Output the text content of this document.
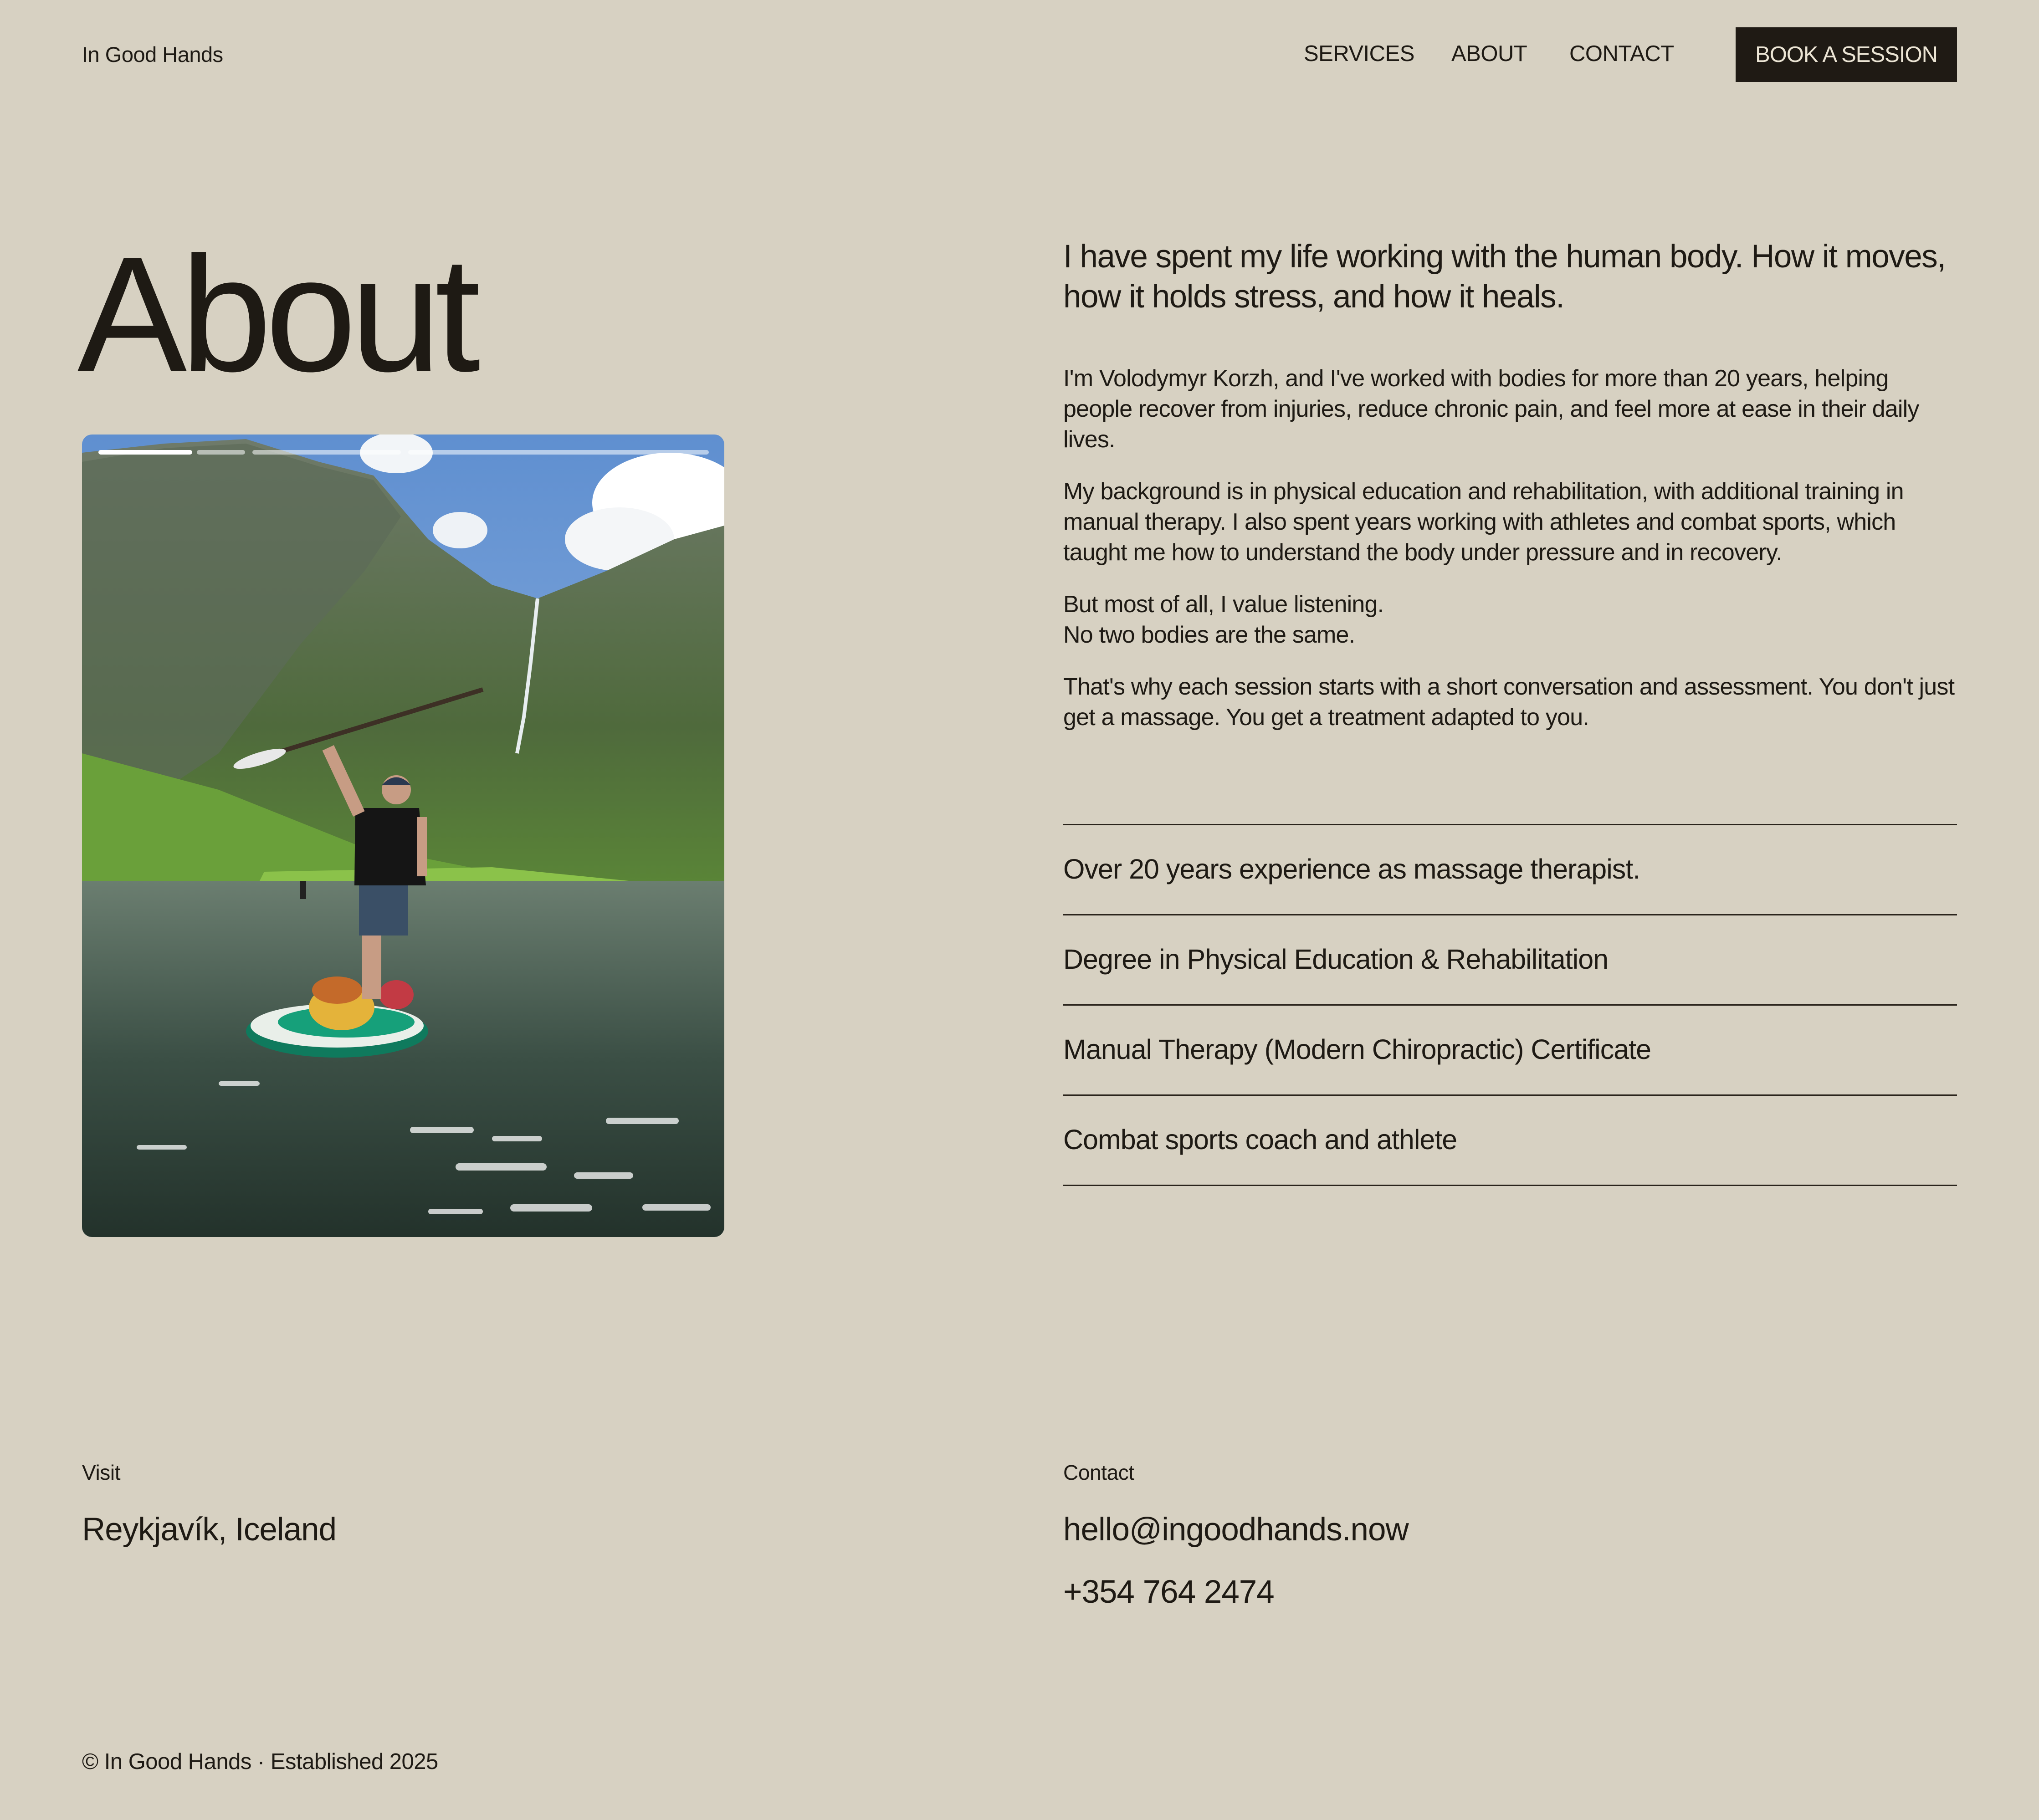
In Good Hands	SERVICES ABOUT CONTACT	BOOK A SESSION
About	I have spent my life working with the human body. How it moves, how it holds stress, and how it heals.

I'm Volodymyr Korzh, and I've worked with bodies for more than 20 years, helping people recover from injuries, reduce chronic pain, and feel more at ease in their daily lives.

My background is in physical education and rehabilitation, with additional training in manual therapy. I also spent years working with athletes and combat sports, which taught me how to understand the body under pressure and in recovery.

But most of all, I value listening.
No two bodies are the same.

That's why each session starts with a short conversation and assessment. You don't just get a massage. You get a treatment adapted to you.

Over 20 years experience as massage therapist.
Degree in Physical Education & Rehabilitation
Manual Therapy (Modern Chiropractic) Certificate
Combat sports coach and athlete
Visit
Reykjavík, Iceland
Contact
hello@ingoodhands.now
+354 764 2474
© In Good Hands · Established 2025
